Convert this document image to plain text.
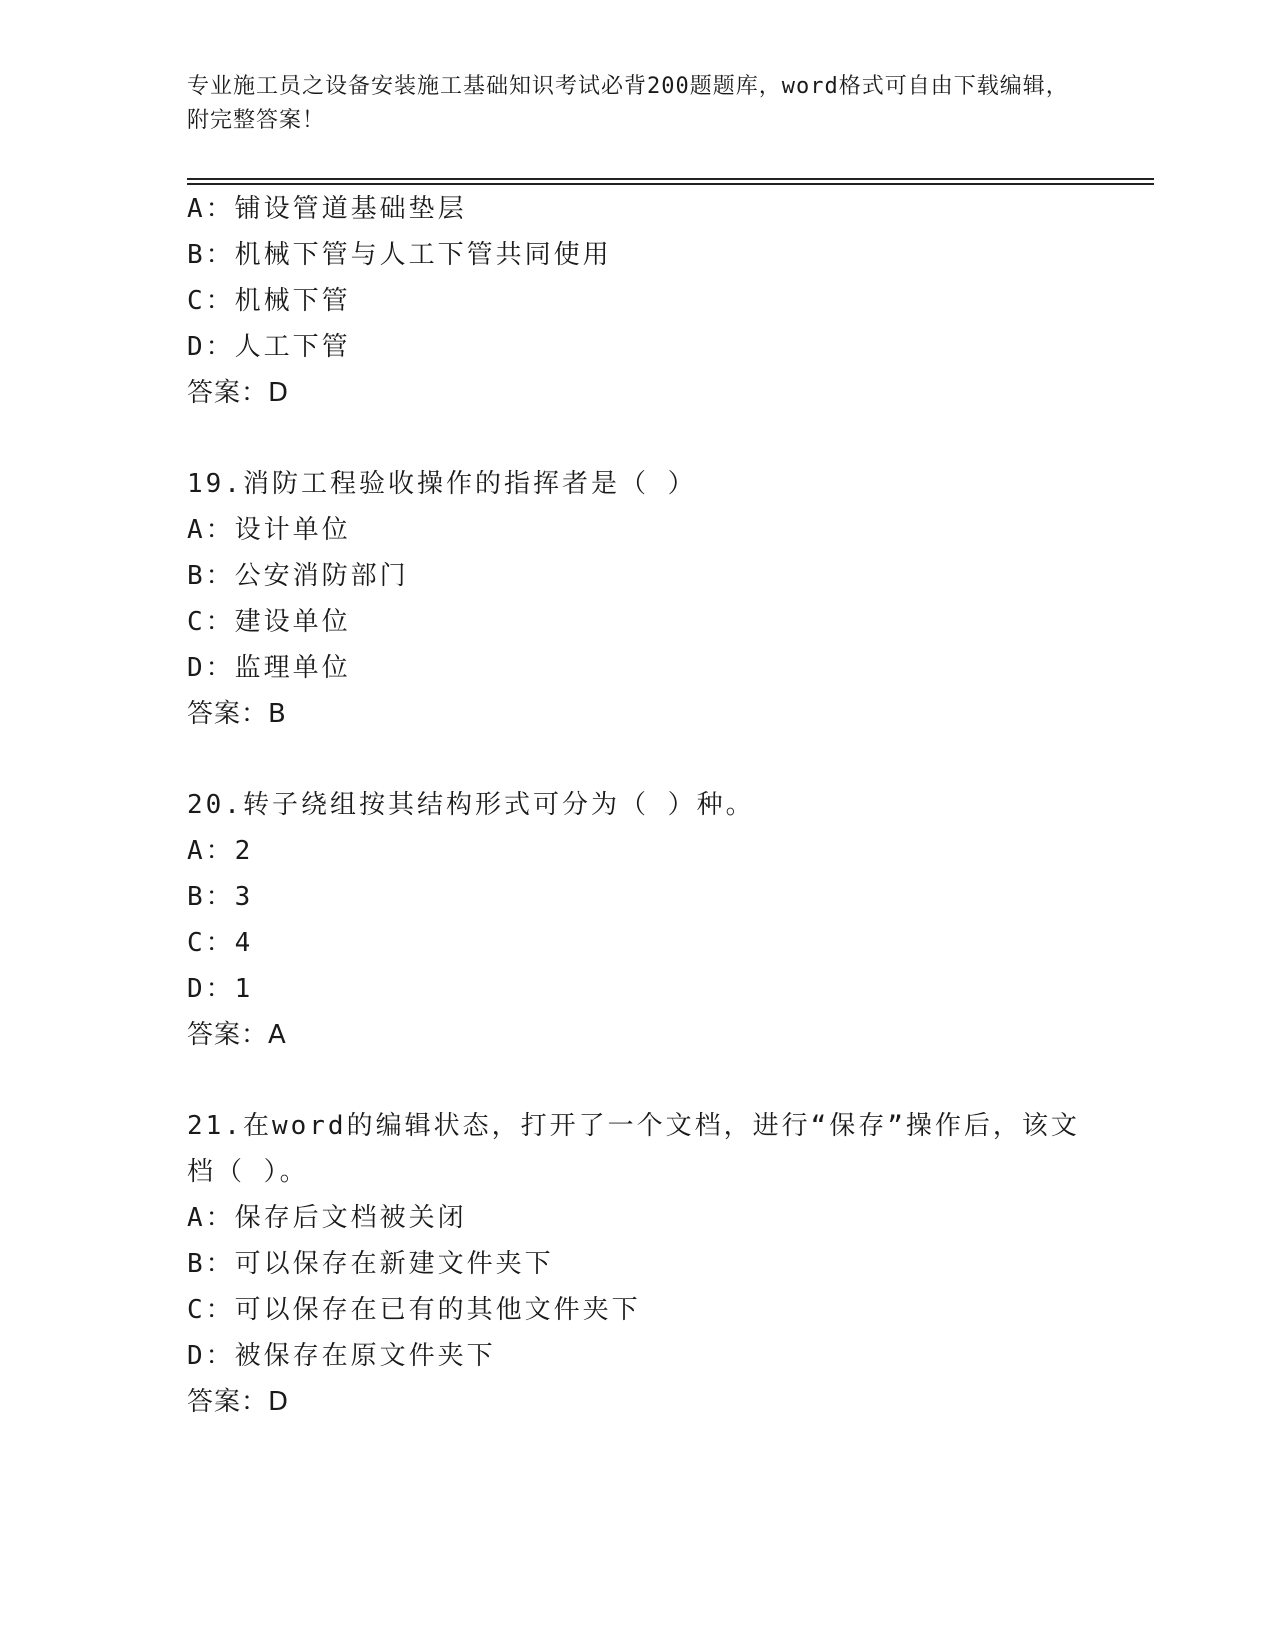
专业施工员之设备安装施工基础知识考试必背200题题库，word格式可自由下载编辑，附完整答案！
A：铺设管道基础垫层
B：机械下管与人工下管共同使用
C：机械下管
D：人工下管
答案：D
19.消防工程验收操作的指挥者是（ ）
A：设计单位
B：公安消防部门
C：建设单位
D：监理单位
答案：B
20.转子绕组按其结构形式可分为（ ）种。
A：2
B：3
C：4
D：1
答案：A
21.在word的编辑状态，打开了一个文档，进行“保存”操作后，该文档（ ）。
A：保存后文档被关闭
B：可以保存在新建文件夹下
C：可以保存在已有的其他文件夹下
D：被保存在原文件夹下
答案：D
